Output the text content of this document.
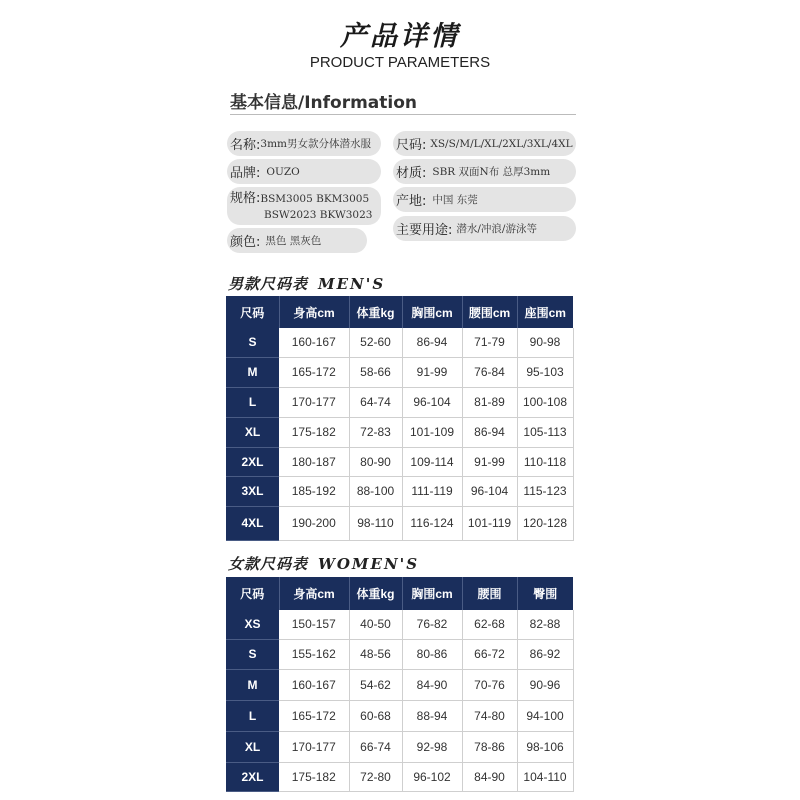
产品详情
PRODUCT PARAMETERS
基本信息/Information
名称: 3mm男女款分体潜水服
品牌: OUZO
规格:BSM3005 BKM3005
BSW2023 BKW3023
颜色: 黑色 黑灰色
尺码: XS/S/M/L/XL/2XL/3XL/4XL
材质: SBR 双面N布 总厚3mm
产地: 中国 东莞
主要用途: 潜水/冲浪/游泳等
男款尺码表 MEN'S
尺码	身高cm	体重kg	胸围cm	腰围cm	座围cm
S	160-167	52-60	86-94	71-79	90-98
M	165-172	58-66	91-99	76-84	95-103
L	170-177	64-74	96-104	81-89	100-108
XL	175-182	72-83	101-109	86-94	105-113
2XL	180-187	80-90	109-114	91-99	110-118
3XL	185-192	88-100	111-119	96-104	115-123
4XL	190-200	98-110	116-124	101-119	120-128
女款尺码表 WOMEN'S
尺码	身高cm	体重kg	胸围cm	腰围	臀围
XS	150-157	40-50	76-82	62-68	82-88
S	155-162	48-56	80-86	66-72	86-92
M	160-167	54-62	84-90	70-76	90-96
L	165-172	60-68	88-94	74-80	94-100
XL	170-177	66-74	92-98	78-86	98-106
2XL	175-182	72-80	96-102	84-90	104-110
